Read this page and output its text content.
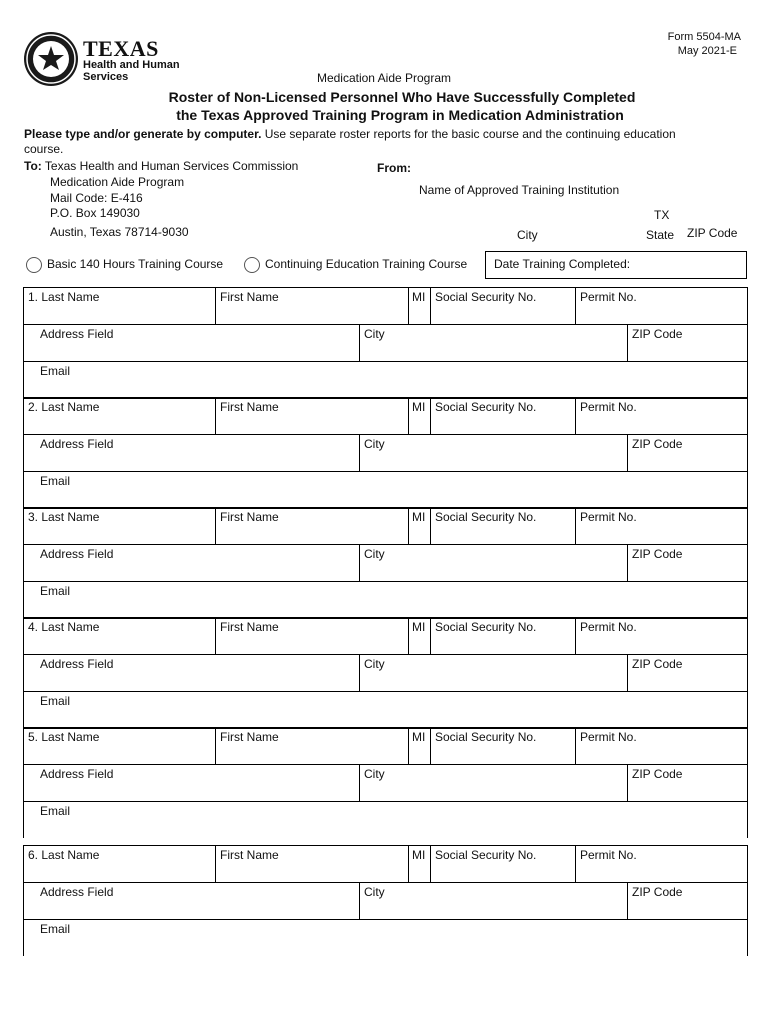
TEXAS
Health and Human
Services
Form 5504-MA
May 2021-E
Medication Aide Program
Roster of Non-Licensed Personnel Who Have Successfully Completed
the Texas Approved Training Program in Medication Administration
Please type and/or generate by computer. Use separate roster reports for the basic course and the continuing education
course.
To: Texas Health and Human Services Commission
Medication Aide Program
Mail Code: E-416
P.O. Box 149030
Austin, Texas 78714-9030
From:
Name of Approved Training Institution
City
TX
State ZIP Code
Basic 140 Hours Training Course	Continuing Education Training Course Date Training Completed:
1. Last Name	First Name	MI Social Security No.	Permit No.
Address Field	City	ZIP Code
Email
2. Last Name	First Name	MI Social Security No.	Permit No.
Address Field	City	ZIP Code
Email
3. Last Name	First Name	MI Social Security No.	Permit No.
Address Field	City	ZIP Code
Email
4. Last Name	First Name	MI Social Security No.	Permit No.
Address Field	City	ZIP Code
Email
5. Last Name	First Name	MI Social Security No.	Permit No.
Address Field	City	ZIP Code
Email
6. Last Name	First Name	MI Social Security No.	Permit No.
Address Field	City	ZIP Code
Email
